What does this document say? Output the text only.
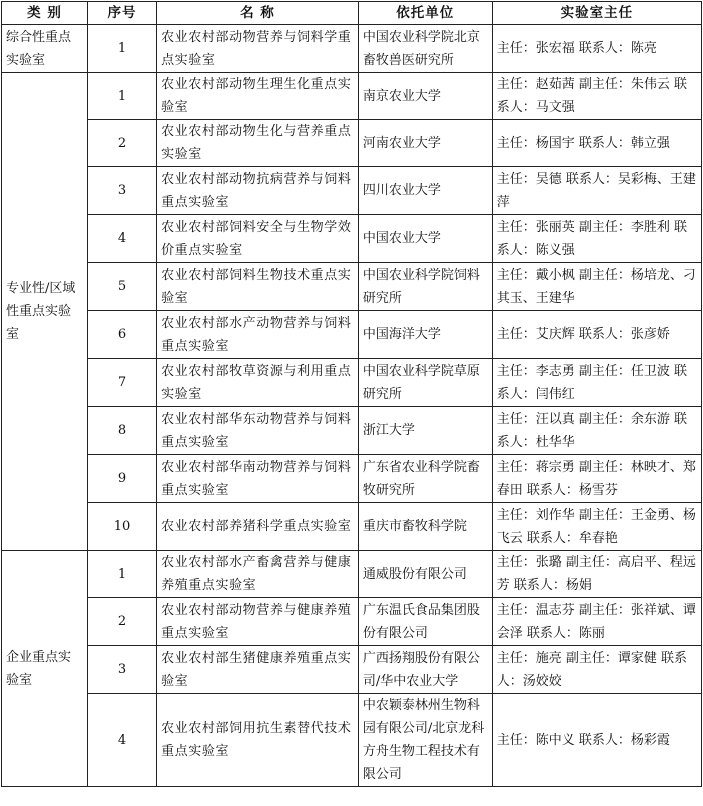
类 别	序号	名 称	依托单位	实验室主任
综合性重点实验室	1	农业农村部动物营养与饲料学重点实验室	中国农业科学院北京畜牧兽医研究所	主任：张宏福 联系人：陈亮
专业性/区域性重点实验室	1	农业农村部动物生理生化重点实验室	南京农业大学	主任：赵茹茜 副主任：朱伟云 联系人：马文强
	2	农业农村部动物生化与营养重点实验室	河南农业大学	主任：杨国宇 联系人：韩立强
	3	农业农村部动物抗病营养与饲料重点实验室	四川农业大学	主任：吴德 联系人：吴彩梅、王建萍
	4	农业农村部饲料安全与生物学效价重点实验室	中国农业大学	主任：张丽英 副主任：李胜利 联系人：陈义强
	5	农业农村部饲料生物技术重点实验室	中国农业科学院饲料研究所	主任：戴小枫 副主任：杨培龙、刁其玉、王建华
	6	农业农村部水产动物营养与饲料重点实验室	中国海洋大学	主任：艾庆辉 联系人：张彦娇
	7	农业农村部牧草资源与利用重点实验室	中国农业科学院草原研究所	主任：李志勇 副主任：任卫波 联系人：闫伟红
	8	农业农村部华东动物营养与饲料重点实验室	浙江大学	主任：汪以真 副主任：余东游 联系人：杜华华
	9	农业农村部华南动物营养与饲料重点实验室	广东省农业科学院畜牧研究所	主任：蒋宗勇 副主任：林映才、郑春田 联系人：杨雪芬
	10	农业农村部养猪科学重点实验室	重庆市畜牧科学院	主任：刘作华 副主任：王金勇、杨飞云 联系人：牟春艳
企业重点实验室	1	农业农村部水产畜禽营养与健康养殖重点实验室	通威股份有限公司	主任：张璐 副主任：高启平、程远芳 联系人：杨娟
	2	农业农村部动物营养与健康养殖重点实验室	广东温氏食品集团股份有限公司	主任：温志芬 副主任：张祥斌、谭会泽 联系人：陈丽
	3	农业农村部生猪健康养殖重点实验室	广西扬翔股份有限公司/华中农业大学	主任：施亮 副主任：谭家健 联系人：汤姣姣
	4	农业农村部饲用抗生素替代技术重点实验室	中农颖泰林州生物科园有限公司/北京龙科方舟生物工程技术有限公司	主任：陈中义 联系人：杨彩霞
